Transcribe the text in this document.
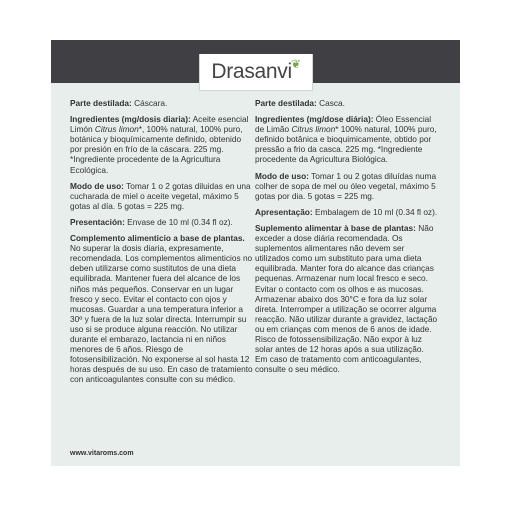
Drasanvi ❦

Parte destilada: Cáscara.

Ingredientes (mg/dosis diaria): Aceite esencial Limón Citrus limon*, 100% natural, 100% puro, botánica y bioquímicamente definido, obtenido por presión en frío de la cáscara. 225 mg. *Ingrediente procedente de la Agricultura Ecológica.

Modo de uso: Tomar 1 o 2 gotas diluidas en una cucharada de miel o aceite vegetal, máximo 5 gotas al día. 5 gotas = 225 mg.

Presentación: Envase de 10 ml (0.34 fl oz).

Complemento alimenticio a base de plantas. No superar la dosis diaria, expresamente, recomendada. Los complementos alimenticios no deben utilizarse como sustitutos de una dieta equilibrada. Mantener fuera del alcance de los niños más pequeños. Conservar en un lugar fresco y seco. Evitar el contacto con ojos y mucosas. Guardar a una temperatura inferior a 30º y fuera de la luz solar directa. Interrumpir su uso si se produce alguna reacción. No utilizar durante el embarazo, lactancia ni en niños menores de 6 años. Riesgo de fotosensibilización. No exponerse al sol hasta 12 horas después de su uso. En caso de tratamiento con anticoagulantes consulte con su médico.

Parte destilada: Casca.

Ingredientes (mg/dose diária): Óleo Essencial de Limão Citrus limon* 100% natural, 100% puro, definido botânica e bioquimicamente, obtido por pressão a frio da casca. 225 mg. *Ingrediente procedente da Agricultura Biológica.

Modo de uso: Tomar 1 ou 2 gotas diluídas numa colher de sopa de mel ou óleo vegetal, máximo 5 gotas por dia. 5 gotas = 225 mg.

Apresentação: Embalagem de 10 ml (0.34 fl oz).

Suplemento alimentar à base de plantas: Não exceder a dose diária recomendada. Os suplementos alimentares não devem ser utilizados como um substituto para uma dieta equilibrada. Manter fora do alcance das crianças pequenas. Armazenar num local fresco e seco. Evitar o contacto com os olhos e as mucosas. Armazenar abaixo dos 30°C e fora da luz solar direta. Interromper a utilização se ocorrer alguma reacção. Não utilizar durante a gravidez, lactação ou em crianças com menos de 6 anos de idade. Risco de fotossensibilização. Não expor à luz solar antes de 12 horas após a sua utilização. Em caso de tratamento com anticoagulantes, consulte o seu médico.

www.vitaroms.com
